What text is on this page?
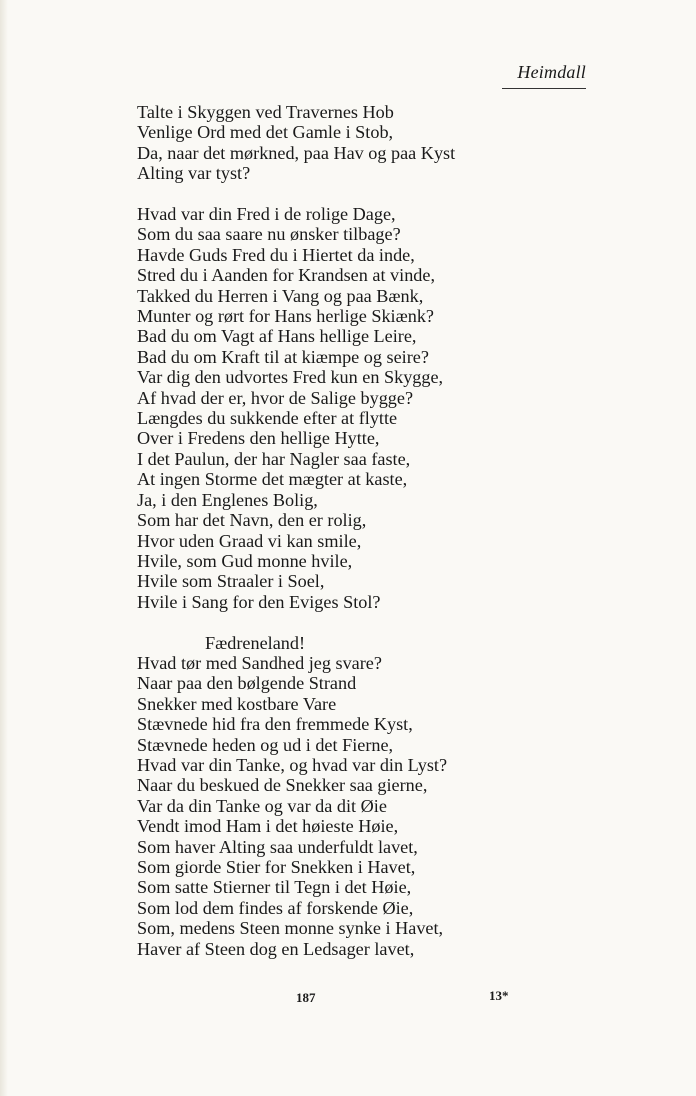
Heimdall
Talte i Skyggen ved Travernes Hob
Venlige Ord med det Gamle i Stob,
Da, naar det mørkned, paa Hav og paa Kyst
Alting var tyst?
Hvad var din Fred i de rolige Dage,
Som du saa saare nu ønsker tilbage?
Havde Guds Fred du i Hiertet da inde,
Stred du i Aanden for Krandsen at vinde,
Takked du Herren i Vang og paa Bænk,
Munter og rørt for Hans herlige Skiænk?
Bad du om Vagt af Hans hellige Leire,
Bad du om Kraft til at kiæmpe og seire?
Var dig den udvortes Fred kun en Skygge,
Af hvad der er, hvor de Salige bygge?
Længdes du sukkende efter at flytte
Over i Fredens den hellige Hytte,
I det Paulun, der har Nagler saa faste,
At ingen Storme det mægter at kaste,
Ja, i den Englenes Bolig,
Som har det Navn, den er rolig,
Hvor uden Graad vi kan smile,
Hvile, som Gud monne hvile,
Hvile som Straaler i Soel,
Hvile i Sang for den Eviges Stol?
Fædreneland!
Hvad tør med Sandhed jeg svare?
Naar paa den bølgende Strand
Snekker med kostbare Vare
Stævnede hid fra den fremmede Kyst,
Stævnede heden og ud i det Fierne,
Hvad var din Tanke, og hvad var din Lyst?
Naar du beskued de Snekker saa gierne,
Var da din Tanke og var da dit Øie
Vendt imod Ham i det høieste Høie,
Som haver Alting saa underfuldt lavet,
Som giorde Stier for Snekken i Havet,
Som satte Stierner til Tegn i det Høie,
Som lod dem findes af forskende Øie,
Som, medens Steen monne synke i Havet,
Haver af Steen dog en Ledsager lavet,
187	13*
